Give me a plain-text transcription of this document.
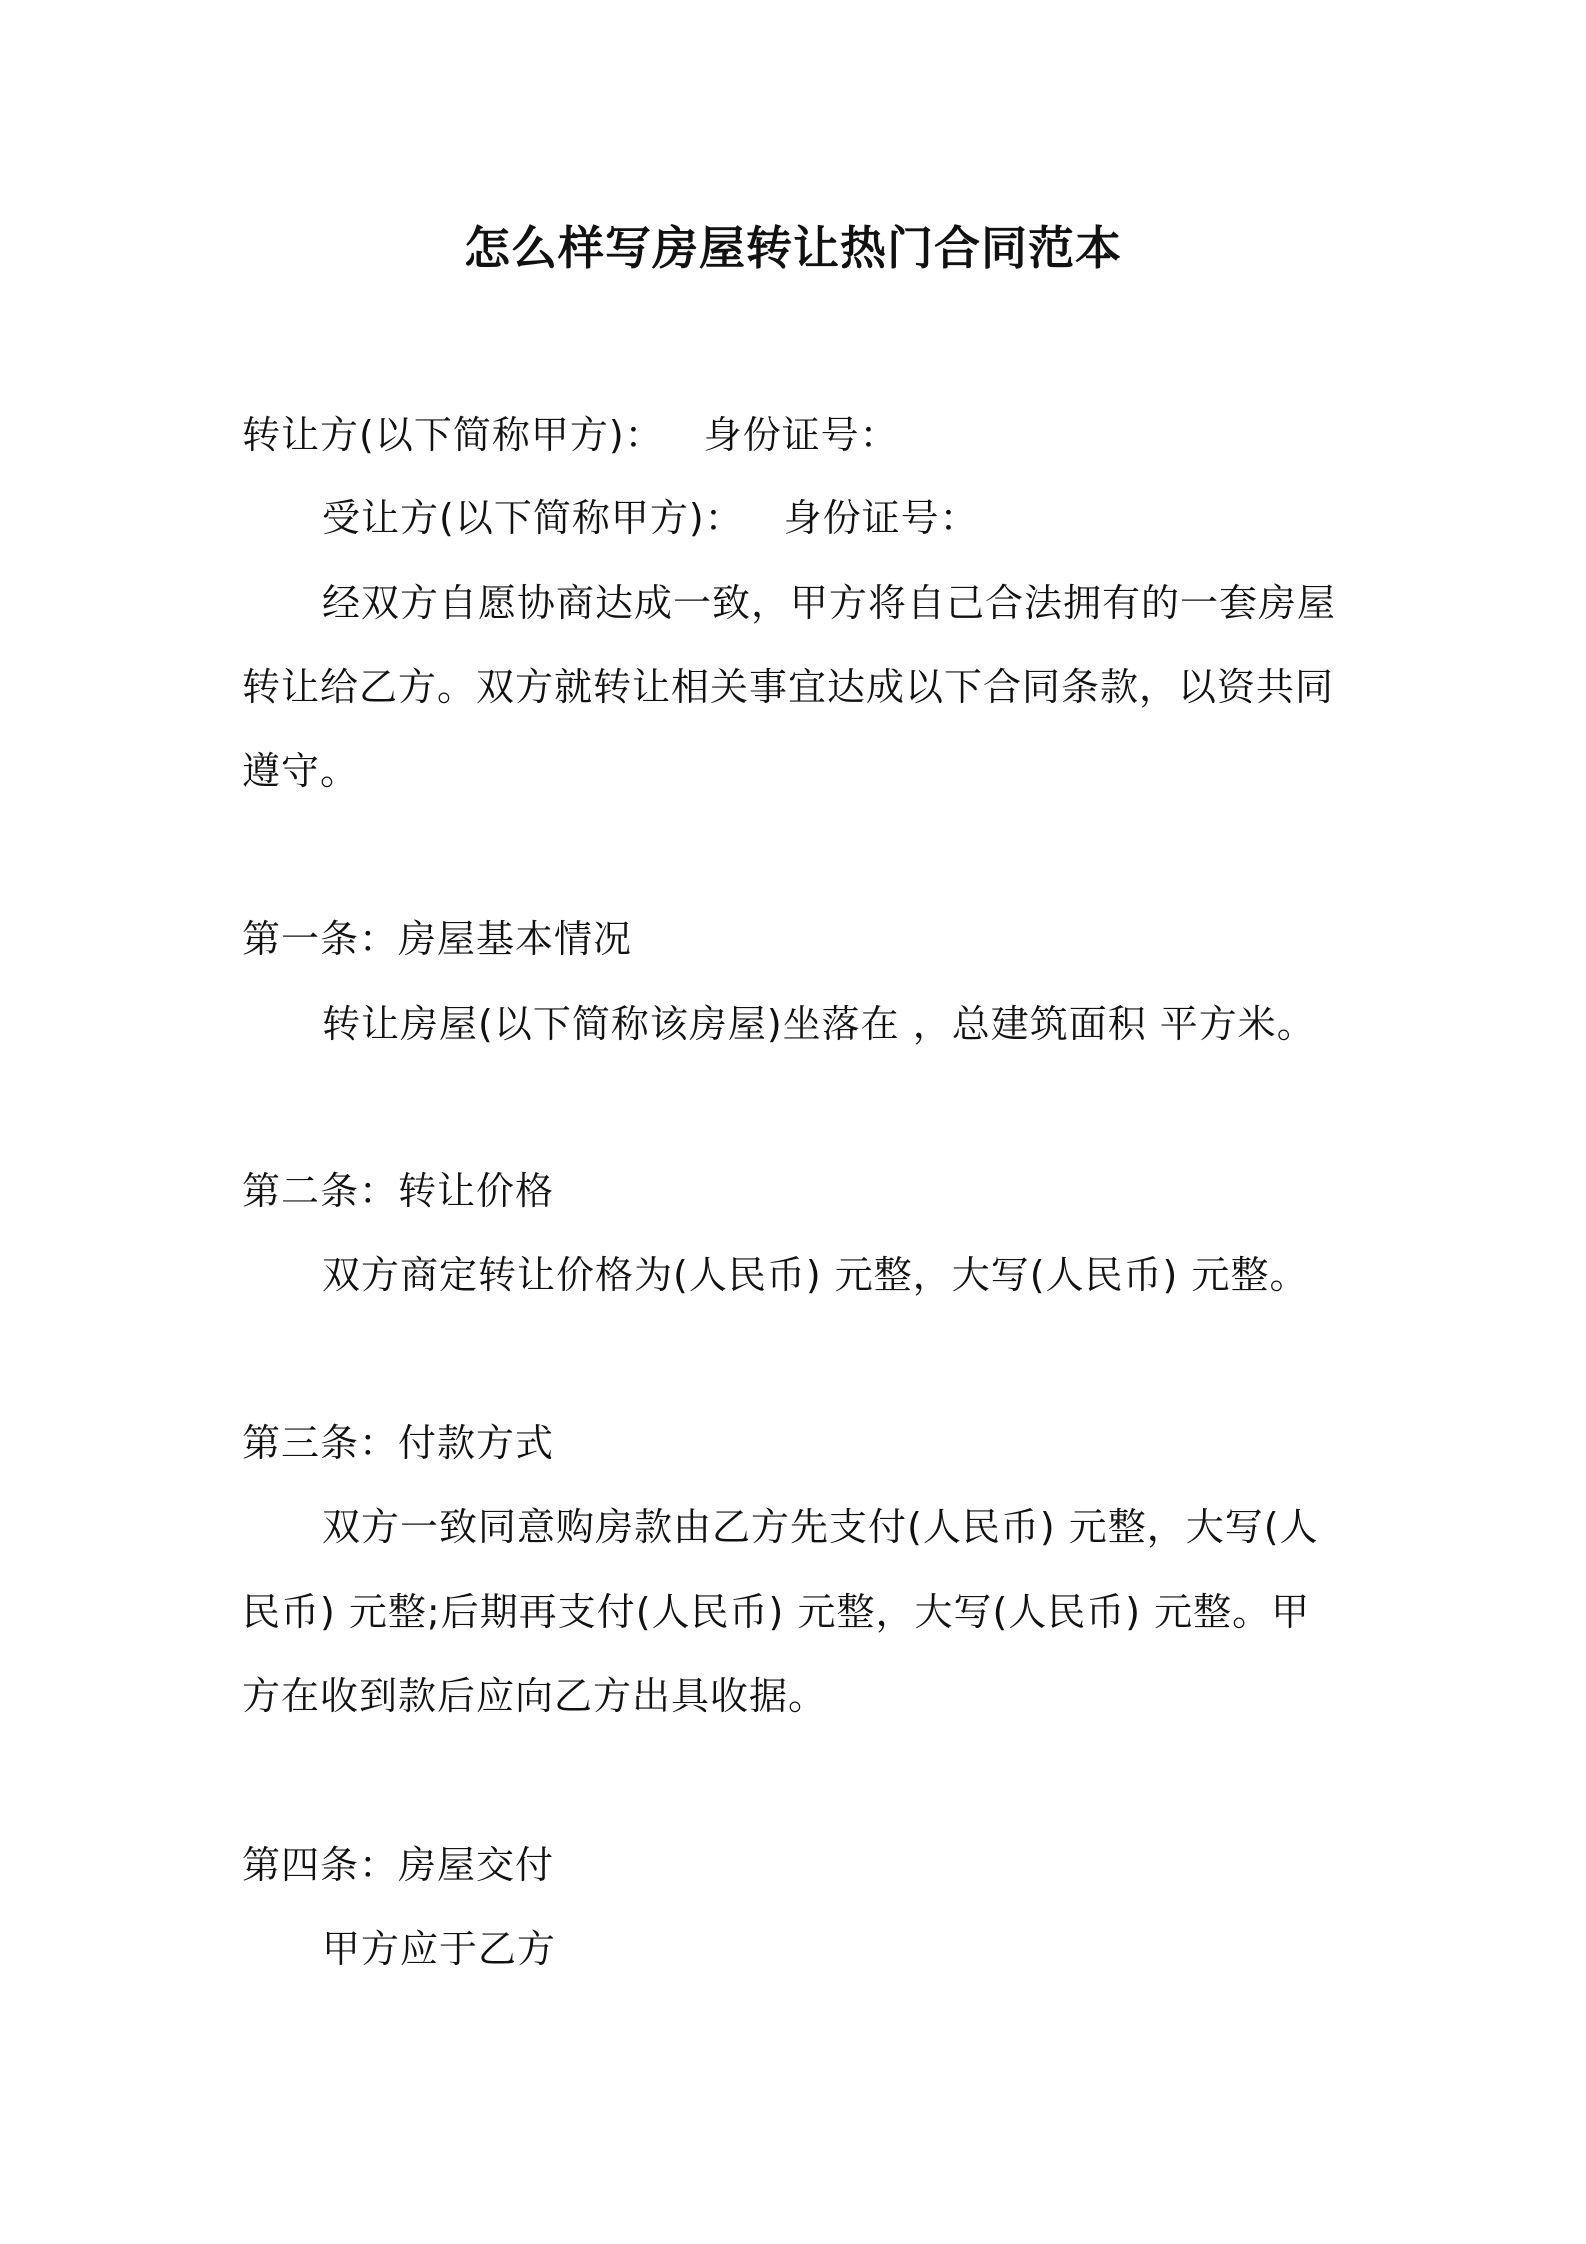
怎么样写房屋转让热门合同范本
转让方(以下简称甲方)： 身份证号：
受让方(以下简称甲方)： 身份证号：
经双方自愿协商达成一致，甲方将自己合法拥有的一套房屋
转让给乙方。双方就转让相关事宜达成以下合同条款，以资共同
遵守。
第一条：房屋基本情况
转让房屋(以下简称该房屋)坐落在 ，总建筑面积 平方米。
第二条：转让价格
双方商定转让价格为(人民币) 元整，大写(人民币) 元整。
第三条：付款方式
双方一致同意购房款由乙方先支付(人民币) 元整，大写(人
民币) 元整;后期再支付(人民币) 元整，大写(人民币) 元整。甲
方在收到款后应向乙方出具收据。
第四条：房屋交付
甲方应于乙方
